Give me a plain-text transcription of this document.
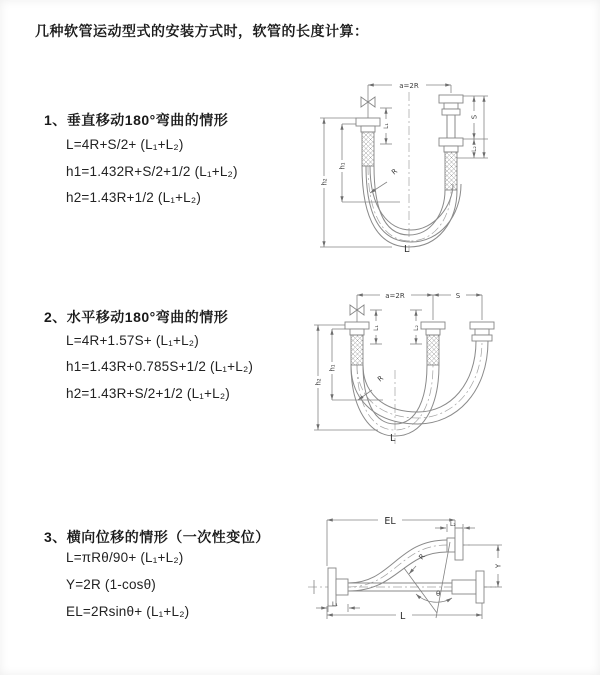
几种软管运动型式的安装方式时，软管的长度计算：
1、垂直移动180°弯曲的情形
L=4R+S/2+ (L₁+L₂)
h1=1.432R+S/2+1/2 (L₁+L₂)
h2=1.43R+1/2 (L₁+L₂)
2、水平移动180°弯曲的情形
L=4R+1.57S+ (L₁+L₂)
h1=1.43R+0.785S+1/2 (L₁+L₂)
h2=1.43R+S/2+1/2 (L₁+L₂)
3、横向位移的情形（一次性变位）
L=πRθ/90+ (L₁+L₂)
Y=2R (1-cosθ)
EL=2Rsinθ+ (L₁+L₂)
a=2R
h₂
h₁
L₁
S
L₂
R
L
a=2R	S
h₂
h₁
L₁	L₂
R
L
EL	L₂
θ
R
Y
L₁
L
